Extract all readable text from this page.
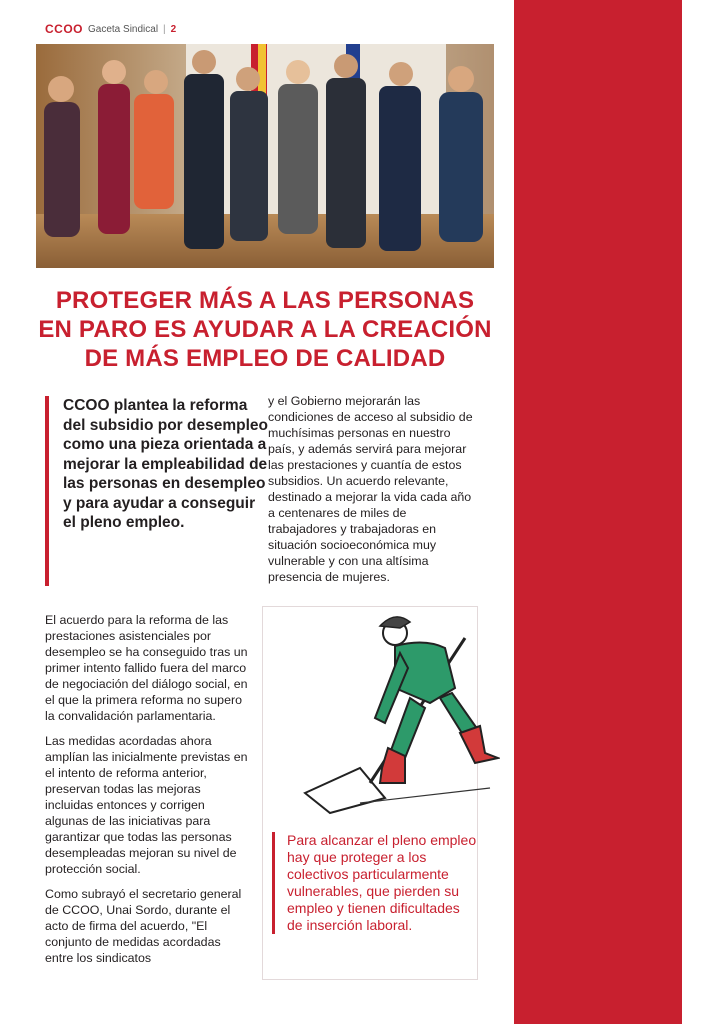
CCOO Gaceta Sindical | 2
PROTEGER MÁS A LAS PERSONAS
EN PARO ES AYUDAR A LA CREACIÓN
DE MÁS EMPLEO DE CALIDAD

CCOO plantea la reforma del subsidio por desempleo como una pieza orientada a mejorar la empleabilidad de las personas en desempleo y para ayudar a conseguir el pleno empleo.

y el Gobierno mejorarán las condiciones de acceso al subsidio de muchísimas personas en nuestro país, y además servirá para mejorar las prestaciones y cuantía de estos subsidios. Un acuerdo relevante, destinado a mejorar la vida cada año a centenares de miles de trabajadores y trabajadoras en situación socioeconómica muy vulnerable y con una altísima presencia de mujeres.

El acuerdo para la reforma de las prestaciones asistenciales por desempleo se ha conseguido tras un primer intento fallido fuera del marco de negociación del diálogo social, en el que la primera reforma no supero la convalidación parlamentaria.

Las medidas acordadas ahora amplían las inicialmente previstas en el intento de reforma anterior, preservan todas las mejoras incluidas entonces y corrigen algunas de las iniciativas para garantizar que todas las personas desempleadas mejoran su nivel de protección social.

Como subrayó el secretario general de CCOO, Unai Sordo, durante el acto de firma del acuerdo, "El conjunto de medidas acordadas entre los sindicatos

Para alcanzar el pleno empleo hay que proteger a los colectivos particularmente vulnerables, que pierden su empleo y tienen dificultades de inserción laboral.
